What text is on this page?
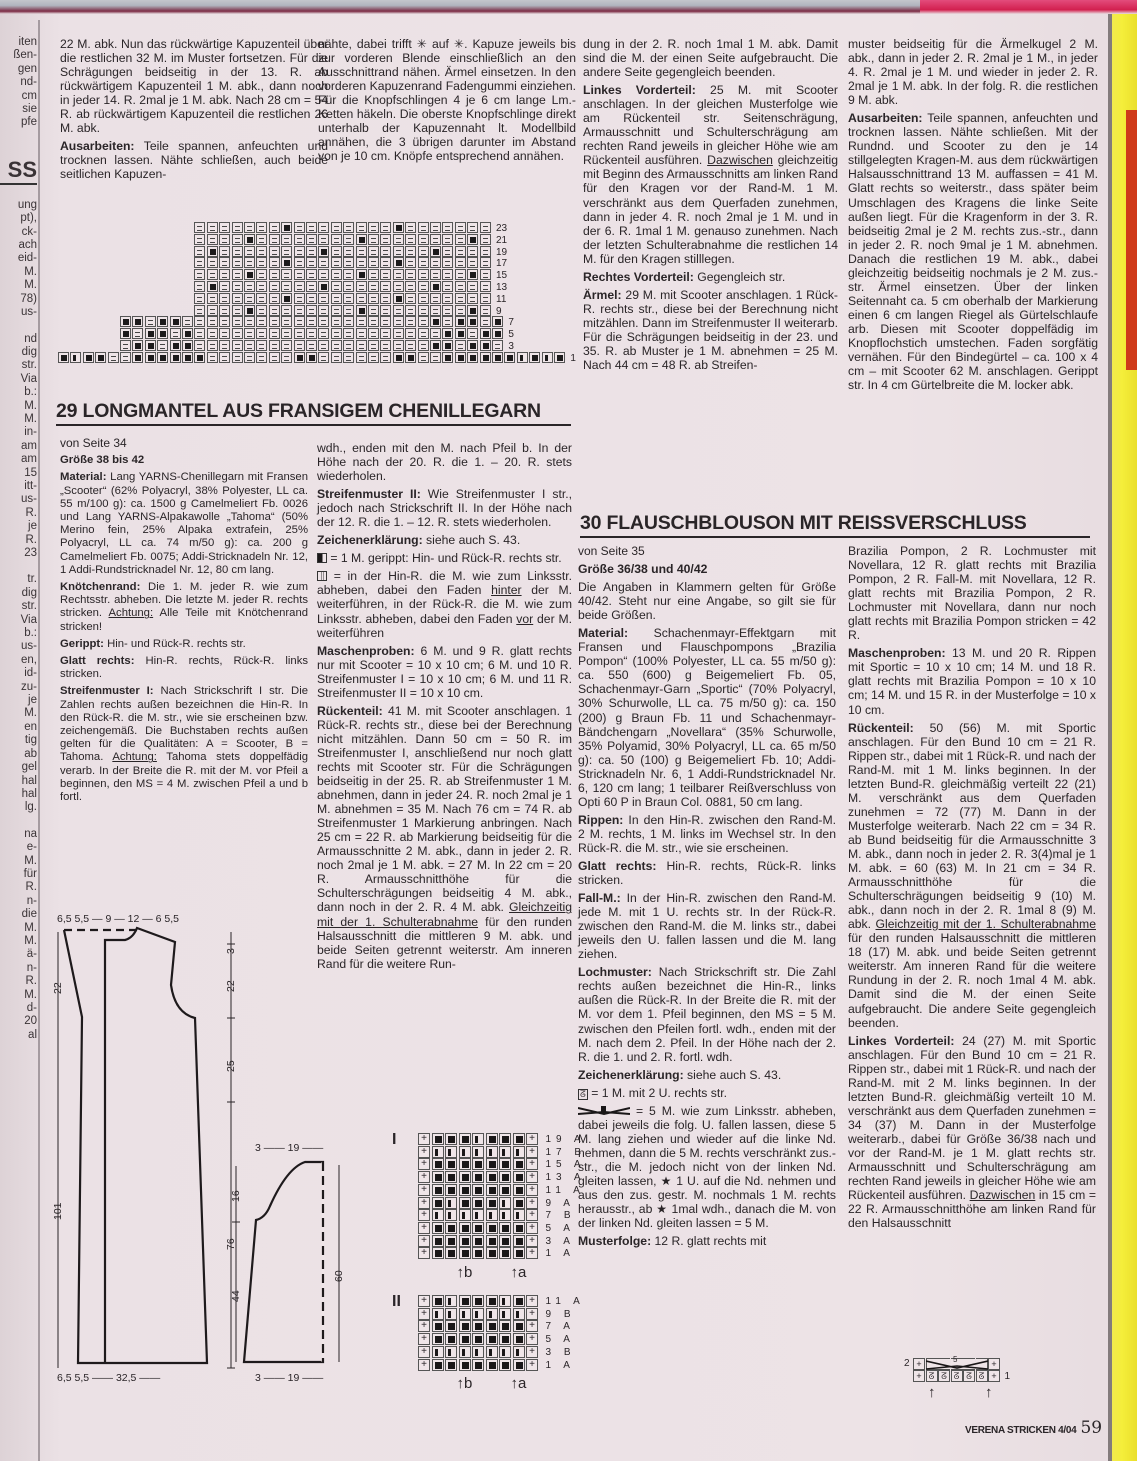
iten
ßen-
gen
nd-
cm
sie
pfe
SS
ung
pt),
ck-
ach
eid-
M.
M.
78)
us-
nd
dig
str.
Via
b.:
M.
M.
in-
am
am
15
itt-
us-
R.
je
R.
23
tr.
dig
str.
Via
b.:
us-
en,
id-
zu-
je
M.
en
tig
ab
gel
hal
hal
lg.
na
e-
M.
für
R.
n-
die
M.
M.
ä-
n-
R.
M.
d-
20
al

22 M. abk. Nun das rückwärtige Kapuzenteil über die restlichen 32 M. im Muster fortsetzen. Für die Schrägungen beidseitig in der 13. R. ab rückwärtigem Kapuzenteil 1 M. abk., dann noch in jeder 14. R. 2mal je 1 M. abk. Nach 28 cm = 54 R. ab rückwärtigem Kapuzenteil die restlichen 26 M. abk.

Ausarbeiten: Teile spannen, anfeuchten und trocknen lassen. Nähte schließen, auch beide seitlichen Kapuzen-

nähte, dabei trifft ✳ auf ✳. Kapuze jeweils bis zur vorderen Blende einschließlich an den Ausschnittrand nähen. Ärmel einsetzen. In den vorderen Kapuzenrand Fadengummi einziehen. Für die Knopfschlingen 4 je 6 cm lange Lm.-Ketten häkeln. Die oberste Knopfschlinge direkt unterhalb der Kapuzennaht lt. Modellbild annähen, die 3 übrigen darunter im Abstand von je 10 cm. Knöpfe entsprechend annähen.

dung in der 2. R. noch 1mal 1 M. abk. Damit sind die M. der einen Seite aufgebraucht. Die andere Seite gegengleich beenden.

Linkes Vorderteil: 25 M. mit Scooter anschlagen. In der gleichen Musterfolge wie am Rückenteil str. Seitenschrägung, Armausschnitt und Schulterschrägung am rechten Rand jeweils in gleicher Höhe wie am Rückenteil ausführen. Dazwischen gleichzeitig mit Beginn des Armausschnitts am linken Rand für den Kragen vor der Rand-M. 1 M. verschränkt aus dem Querfaden zunehmen, dann in jeder 4. R. noch 2mal je 1 M. und in der 6. R. 1mal 1 M. genauso zunehmen. Nach der letzten Schulterabnahme die restlichen 14 M. für den Kragen stilllegen.

Rechtes Vorderteil: Gegengleich str.

Ärmel: 29 M. mit Scooter anschlagen. 1 Rück-R. rechts str., diese bei der Berechnung nicht mitzählen. Dann im Streifenmuster II weiterarb. Für die Schrägungen beidseitig in der 23. und 35. R. ab Muster je 1 M. abnehmen = 25 M. Nach 44 cm = 48 R. ab Streifen-

muster beidseitig für die Ärmelkugel 2 M. abk., dann in jeder 2. R. 2mal je 1 M., in jeder 4. R. 2mal je 1 M. und wieder in jeder 2. R. 2mal je 1 M. abk. In der folg. R. die restlichen 9 M. abk.

Ausarbeiten: Teile spannen, anfeuchten und trocknen lassen. Nähte schließen. Mit der Rundnd. und Scooter zu den je 14 stillgelegten Kragen-M. aus dem rückwärtigen Halsausschnittrand 13 M. auffassen = 41 M. Glatt rechts so weiterstr., dass später beim Umschlagen des Kragens die linke Seite außen liegt. Für die Kragenform in der 3. R. beidseitig 2mal je 2 M. rechts zus.-str., dann in jeder 2. R. noch 9mal je 1 M. abnehmen. Danach die restlichen 19 M. abk., dabei gleichzeitig beidseitig nochmals je 2 M. zus.-str. Ärmel einsetzen. Über der linken Seitennaht ca. 5 cm oberhalb der Markierung einen 6 cm langen Riegel als Gürtelschlaufe arb. Diesen mit Scooter doppelfädig im Knopflochstich umstechen. Faden sorgfätig vernähen. Für den Bindegürtel – ca. 100 x 4 cm – mit Scooter 62 M. anschlagen. Gerippt str. In 4 cm Gürtelbreite die M. locker abk.

23
21
19
17
15
13
11
9
7
5
3
1
29 LONGMANTEL AUS FRANSIGEM CHENILLEGARN

von Seite 34

Größe 38 bis 42

Material: Lang YARNS-Chenillegarn mit Fransen „Scooter“ (62% Polyacryl, 38% Polyester, LL ca. 55 m/100 g): ca. 1500 g Camelmeliert Fb. 0026 und Lang YARNS-Alpakawolle „Tahoma“ (50% Merino fein, 25% Alpaka extrafein, 25% Polyacryl, LL ca. 74 m/50 g): ca. 200 g Camelmeliert Fb. 0075; Addi-Stricknadeln Nr. 12, 1 Addi-Rundstricknadel Nr. 12, 80 cm lang.

Knötchenrand: Die 1. M. jeder R. wie zum Rechtsstr. abheben. Die letzte M. jeder R. rechts stricken. Achtung: Alle Teile mit Knötchenrand stricken!

Gerippt: Hin- und Rück-R. rechts str.

Glatt rechts: Hin-R. rechts, Rück-R. links stricken.

Streifenmuster I: Nach Strickschrift I str. Die Zahlen rechts außen bezeichnen die Hin-R. In den Rück-R. die M. str., wie sie erscheinen bzw. zeichengemäß. Die Buchstaben rechts außen gelten für die Qualitäten: A = Scooter, B = Tahoma. Achtung: Tahoma stets doppelfädig verarb. In der Breite die R. mit der M. vor Pfeil a beginnen, den MS = 4 M. zwischen Pfeil a und b fortl.

wdh., enden mit den M. nach Pfeil b. In der Höhe nach der 20. R. die 1. – 20. R. stets wiederholen.

Streifenmuster II: Wie Streifenmuster I str., jedoch nach Strickschrift II. In der Höhe nach der 12. R. die 1. – 12. R. stets wiederholen.

Zeichenerklärung: siehe auch S. 43.

= 1 M. gerippt: Hin- und Rück-R. rechts str.

= in der Hin-R. die M. wie zum Linksstr. abheben, dabei den Faden hinter der M. weiterführen, in der Rück-R. die M. wie zum Linksstr. abheben, dabei den Faden vor der M. weiterführen

Maschenproben: 6 M. und 9 R. glatt rechts nur mit Scooter = 10 x 10 cm; 6 M. und 10 R. Streifenmuster I = 10 x 10 cm; 6 M. und 11 R. Streifenmuster II = 10 x 10 cm.

Rückenteil: 41 M. mit Scooter anschlagen. 1 Rück-R. rechts str., diese bei der Berechnung nicht mitzählen. Dann 50 cm = 50 R. im Streifenmuster I, anschließend nur noch glatt rechts mit Scooter str. Für die Schrägungen beidseitig in der 25. R. ab Streifenmuster 1 M. abnehmen, dann in jeder 24. R. noch 2mal je 1 M. abnehmen = 35 M. Nach 76 cm = 74 R. ab Streifenmuster 1 Markierung anbringen. Nach 25 cm = 22 R. ab Markierung beidseitig für die Armausschnitte 2 M. abk., dann in jeder 2. R. noch 2mal je 1 M. abk. = 27 M. In 22 cm = 20 R. Armausschnitthöhe für die Schulterschrägungen beidseitig 4 M. abk., dann noch in der 2. R. 4 M. abk. Gleichzeitig mit der 1. Schulterabnahme für den runden Halsausschnitt die mittleren 9 M. abk. und beide Seiten getrennt weiterstr. Am inneren Rand für die weitere Run-

6,5 5,5 — 9 — 12 — 6 5,5
6,5 5,5 —— 32,5 ——
3
22
25
76
101
22
3 —— 19 ——
3 —— 19 ——
16
44
60
I	+	+	19 A
+	+	17 B
+	+	15 A
+	+	13 A
+	+	11 A
+	+	9 A
+	+	7 B
+	+	5 A
+	+	3 A
+	+	1 A
↑b	↑a
II	+	+	11 A
+	+	9 B
+	+	7 A
+	+	5 A
+	+	3 B
+	+	1 A
↑b	↑a
30 FLAUSCHBLOUSON MIT REISSVERSCHLUSS

von Seite 35

Größe 36/38 und 40/42

Die Angaben in Klammern gelten für Größe 40/42. Steht nur eine Angabe, so gilt sie für beide Größen.

Material: Schachenmayr-Effektgarn mit Fransen und Flauschpompons „Brazilia Pompon“ (100% Polyester, LL ca. 55 m/50 g): ca. 550 (600) g Beigemeliert Fb. 05, Schachenmayr-Garn „Sportic“ (70% Polyacryl, 30% Schurwolle, LL ca. 75 m/50 g): ca. 150 (200) g Braun Fb. 11 und Schachenmayr-Bändchengarn „Novellara“ (35% Schurwolle, 35% Polyamid, 30% Polyacryl, LL ca. 65 m/50 g): ca. 50 (100) g Beigemeliert Fb. 10; Addi-Stricknadeln Nr. 6, 1 Addi-Rundstricknadel Nr. 6, 120 cm lang; 1 teilbarer Reißverschluss von Opti 60 P in Braun Col. 0881, 50 cm lang.

Rippen: In den Hin-R. zwischen den Rand-M. 2 M. rechts, 1 M. links im Wechsel str. In den Rück-R. die M. str., wie sie erscheinen.

Glatt rechts: Hin-R. rechts, Rück-R. links stricken.

Fall-M.: In der Hin-R. zwischen den Rand-M. jede M. mit 1 U. rechts str. In der Rück-R. zwischen den Rand-M. die M. links str., dabei jeweils den U. fallen lassen und die M. lang ziehen.

Lochmuster: Nach Strickschrift str. Die Zahl rechts außen bezeichnet die Hin-R., links außen die Rück-R. In der Breite die R. mit der M. vor dem 1. Pfeil beginnen, den MS = 5 M. zwischen den Pfeilen fortl. wdh., enden mit der M. nach dem 2. Pfeil. In der Höhe nach der 2. R. die 1. und 2. R. fortl. wdh.

Zeichenerklärung: siehe auch S. 43.

ᘔ = 1 M. mit 2 U. rechts str.

= 5 M. wie zum Linksstr. abheben, dabei jeweils die folg. U. fallen lassen, diese 5 M. lang ziehen und wieder auf die linke Nd. nehmen, dann die 5 M. rechts verschränkt zus.-str., die M. jedoch nicht von der linken Nd. gleiten lassen, ★ 1 U. auf die Nd. nehmen und aus den zus. gestr. M. nochmals 1 M. rechts herausstr., ab ★ 1mal wdh., danach die M. von der linken Nd. gleiten lassen = 5 M.

Musterfolge: 12 R. glatt rechts mit

Brazilia Pompon, 2 R. Lochmuster mit Novellara, 12 R. glatt rechts mit Brazilia Pompon, 2 R. Fall-M. mit Novellara, 12 R. glatt rechts mit Brazilia Pompon, 2 R. Lochmuster mit Novellara, dann nur noch glatt rechts mit Brazilia Pompon stricken = 42 R.

Maschenproben: 13 M. und 20 R. Rippen mit Sportic = 10 x 10 cm; 14 M. und 18 R. glatt rechts mit Brazilia Pompon = 10 x 10 cm; 14 M. und 15 R. in der Musterfolge = 10 x 10 cm.

Rückenteil: 50 (56) M. mit Sportic anschlagen. Für den Bund 10 cm = 21 R. Rippen str., dabei mit 1 Rück-R. und nach der Rand-M. mit 1 M. links beginnen. In der letzten Bund-R. gleichmäßig verteilt 22 (21) M. verschränkt aus dem Querfaden zunehmen = 72 (77) M. Dann in der Musterfolge weiterarb. Nach 22 cm = 34 R. ab Bund beidseitig für die Armausschnitte 3 M. abk., dann noch in jeder 2. R. 3(4)mal je 1 M. abk. = 60 (63) M. In 21 cm = 34 R. Armausschnitthöhe für die Schulterschrägungen beidseitig 9 (10) M. abk., dann noch in der 2. R. 1mal 8 (9) M. abk. Gleichzeitig mit der 1. Schulterabnahme für den runden Halsausschnitt die mittleren 18 (17) M. abk. und beide Seiten getrennt weiterstr. Am inneren Rand für die weitere Rundung in der 2. R. noch 1mal 4 M. abk. Damit sind die M. der einen Seite aufgebraucht. Die andere Seite gegengleich beenden.

Linkes Vorderteil: 24 (27) M. mit Sportic anschlagen. Für den Bund 10 cm = 21 R. Rippen str., dabei mit 1 Rück-R. und nach der Rand-M. mit 2 M. links beginnen. In der letzten Bund-R. gleichmäßig verteilt 10 M. verschränkt aus dem Querfaden zunehmen = 34 (37) M. Dann in der Musterfolge weiterarb., dabei für Größe 36/38 nach und vor der Rand-M. je 1 M. glatt rechts str. Armausschnitt und Schulterschrägung am rechten Rand jeweils in gleicher Höhe wie am Rückenteil ausführen. Dazwischen in 15 cm = 22 R. Armausschnitthöhe am linken Rand für den Halsausschnitt

2 +
+ ᘔ ᘔ ᘔ ᘔ ᘔ
+
+
5
1
↑	↑
VERENA STRICKEN 4/04 59
